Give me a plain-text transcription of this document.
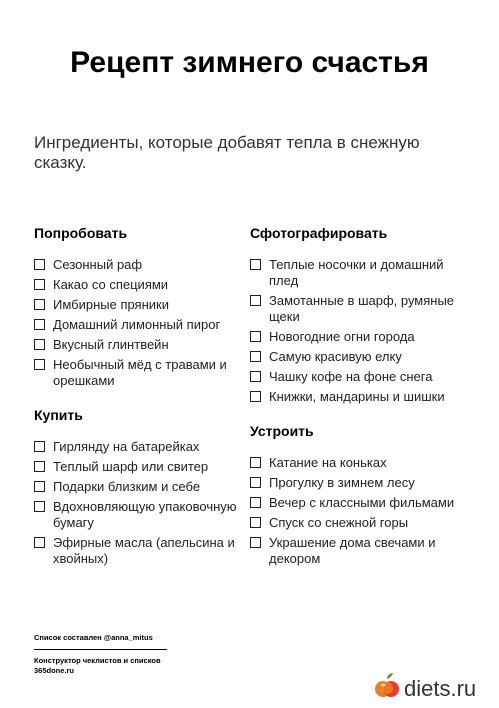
Рецепт зимнего счастья
Ингредиенты, которые добавят тепла в снежную сказку.
Попробовать
Сезонный раф
Какао со специями
Имбирные пряники
Домашний лимонный пирог
Вкусный глинтвейн
Необычный мёд с травами и орешками
Купить
Гирлянду на батарейках
Теплый шарф или свитер
Подарки близким и себе
Вдохновляющую упаковочную бумагу
Эфирные масла (апельсина и хвойных)
Сфотографировать
Теплые носочки и домашний плед
Замотанные в шарф, румяные щеки
Новогодние огни города
Самую красивую елку
Чашку кофе на фоне снега
Книжки, мандарины и шишки
Устроить
Катание на коньках
Прогулку в зимнем лесу
Вечер с классными фильмами
Спуск со снежной горы
Украшение дома свечами и декором
Список составлен @anna_mitus
Конструктор чеклистов и списков
365done.ru
diets.ru
